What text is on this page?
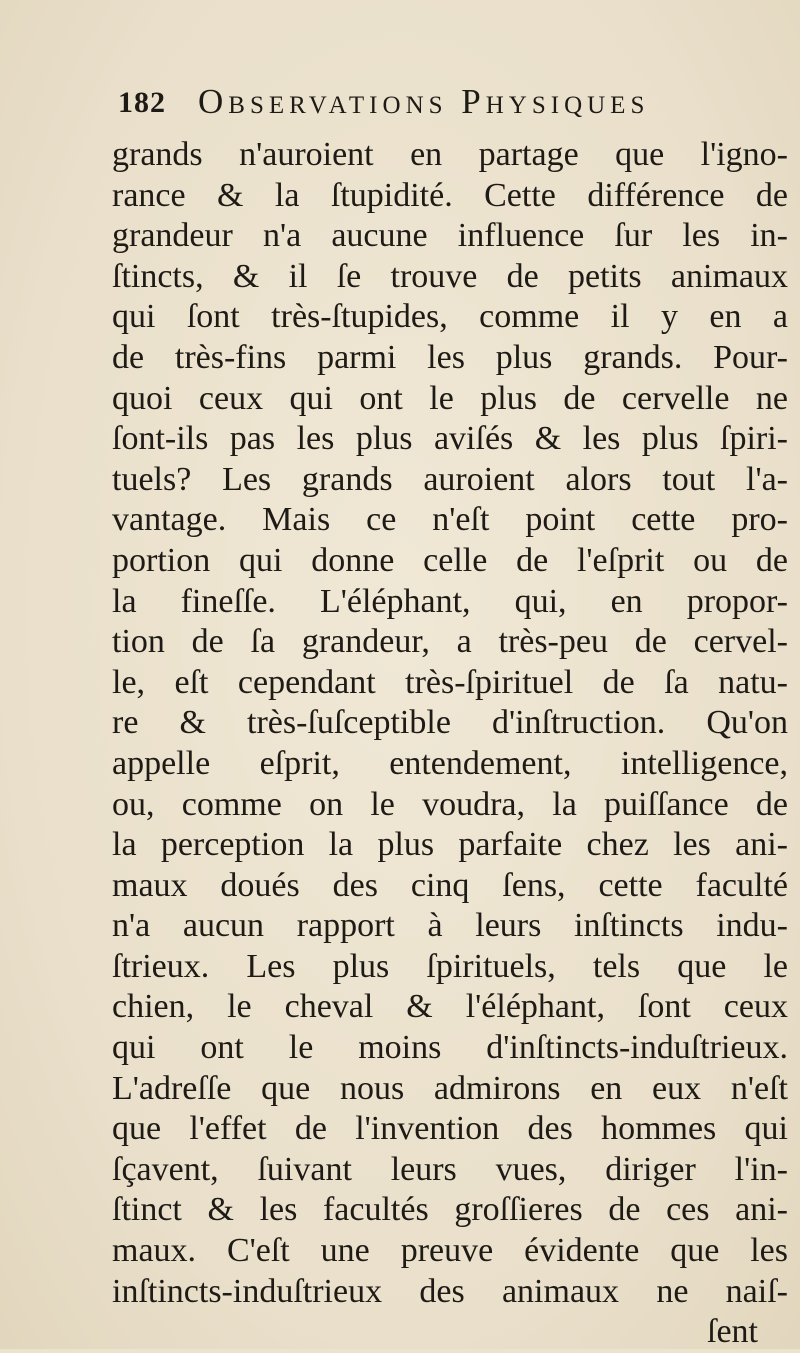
182 Observations Physiques
grands n'auroient en partage que l'igno-
rance & la ſtupidité. Cette différence de
grandeur n'a aucune influence ſur les in-
ſtincts, & il ſe trouve de petits animaux
qui ſont très-ſtupides, comme il y en a
de très-fins parmi les plus grands. Pour-
quoi ceux qui ont le plus de cervelle ne
ſont-ils pas les plus aviſés & les plus ſpiri-
tuels? Les grands auroient alors tout l'a-
vantage. Mais ce n'eſt point cette pro-
portion qui donne celle de l'eſprit ou de
la fineſſe. L'éléphant, qui, en propor-
tion de ſa grandeur, a très-peu de cervel-
le, eſt cependant très-ſpirituel de ſa natu-
re & très-ſuſceptible d'inſtruction. Qu'on
appelle eſprit, entendement, intelligence,
ou, comme on le voudra, la puiſſance de
la perception la plus parfaite chez les ani-
maux doués des cinq ſens, cette faculté
n'a aucun rapport à leurs inſtincts indu-
ſtrieux. Les plus ſpirituels, tels que le
chien, le cheval & l'éléphant, ſont ceux
qui ont le moins d'inſtincts-induſtrieux.
L'adreſſe que nous admirons en eux n'eſt
que l'effet de l'invention des hommes qui
ſçavent, ſuivant leurs vues, diriger l'in-
ſtinct & les facultés groſſieres de ces ani-
maux. C'eſt une preuve évidente que les
inſtincts-induſtrieux des animaux ne naiſ-
ſent
